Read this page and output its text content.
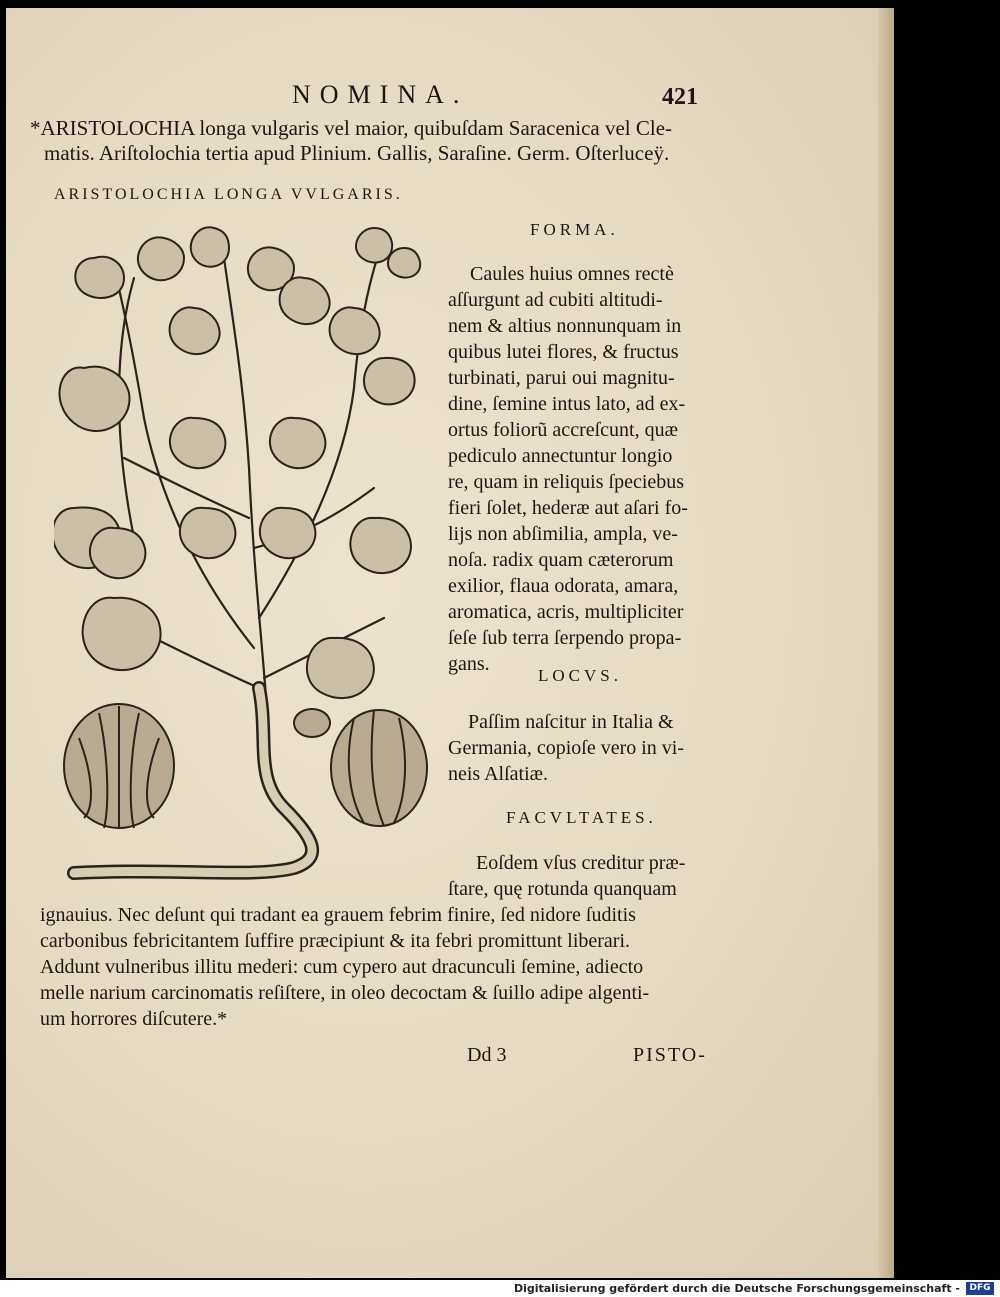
NOMINA.	421
*ARISTOLOCHIA longa vulgaris vel maior, quibuſdam Saracenica vel Cle-
matis. Ariſtolochia tertia apud Plinium. Gallis, Saraſine. Germ. Oſterluceÿ.
ARISTOLOCHIA LONGA VVLGARIS.
FORMA.
Caules huius omnes rectè
aſſurgunt ad cubiti altitudi-
nem & altius nonnunquam in
quibus lutei flores, & fructus
turbinati, parui oui magnitu-
dine, ſemine intus lato, ad ex-
ortus foliorũ accreſcunt, quæ
pediculo annectuntur longio
re, quam in reliquis ſpeciebus
fieri ſolet, hederæ aut aſari fo-
lijs non abſimilia, ampla, ve-
noſa. radix quam cæterorum
exilior, flaua odorata, amara,
aromatica, acris, multipliciter
ſeſe ſub terra ſerpendo propa-
gans.
LOCVS.
Paſſim naſcitur in Italia &
Germania, copioſe vero in vi-
neis Alſatiæ.
FACVLTATES.
Eoſdem vſus creditur præ-
ſtare, quę rotunda quanquam
ignauius. Nec deſunt qui tradant ea grauem febrim finire, ſed nidore ſuditis
carbonibus febricitantem ſuffire præcipiunt & ita febri promittunt liberari.
Addunt vulneribus illitu mederi: cum cypero aut dracunculi ſemine, adiecto
melle narium carcinomatis reſiſtere, in oleo decoctam & ſuillo adipe algenti-
um horrores diſcutere.*
Dd 3	PISTO-
Digitalisierung gefördert durch die Deutsche Forschungsgemeinschaft -	DFG
